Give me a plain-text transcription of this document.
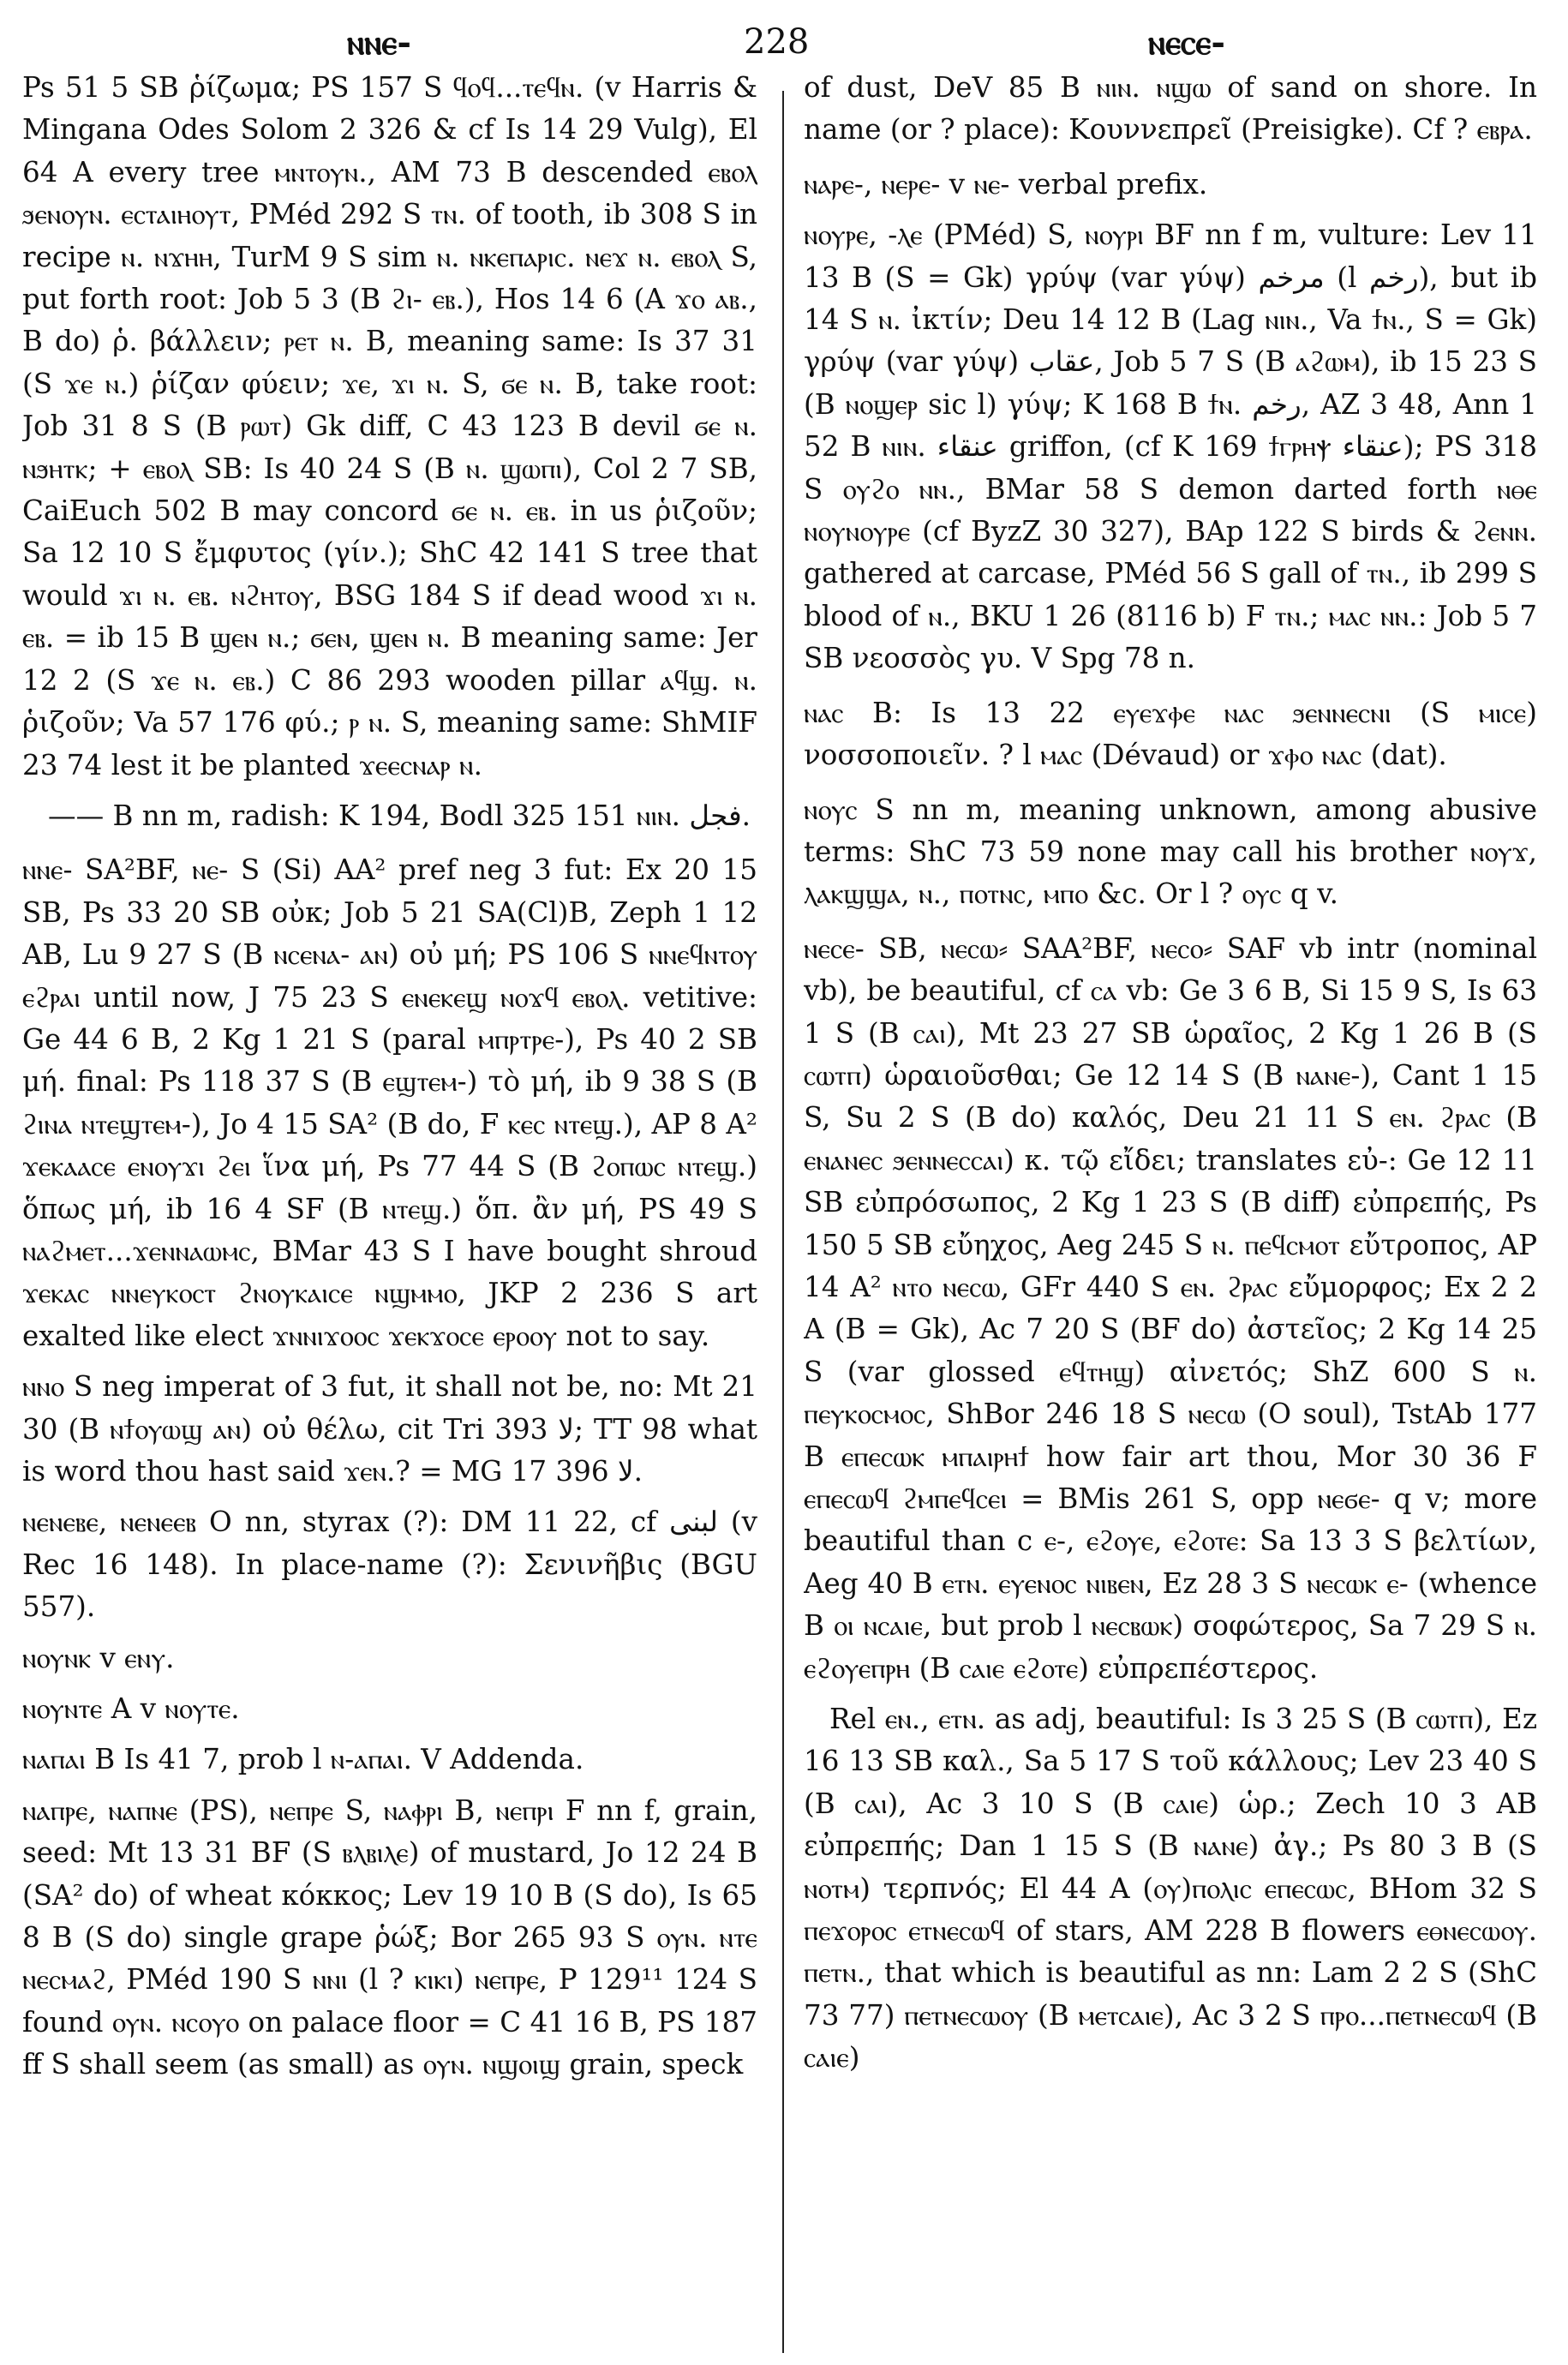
ⲛⲛⲉ-	228	ⲛⲉⲥⲉ-

Ps 51 5 SB ῥίζωμα; PS 157 S ϥⲟϥ...ⲧⲉϥⲛ. (v Harris & Mingana Odes Solom 2 326 & cf Is 14 29 Vulg), El 64 A every tree ⲙⲛⲧⲟⲩⲛ., AM 73 B descended ⲉⲃⲟⲗ ϧⲉⲛⲟⲩⲛ. ⲉⲥⲧⲁⲓⲏⲟⲩⲧ, PMéd 292 S ⲧⲛ. of tooth, ib 308 S in recipe ⲛ. ⲛϫⲏⲏ, TurM 9 S sim ⲛ. ⲛⲕⲉⲡⲁⲣⲓⲥ. ⲛⲉϫ ⲛ. ⲉⲃⲟⲗ S, put forth root: Job 5 3 (B ϩⲓ- ⲉⲃ.), Hos 14 6 (A ϫⲟ ⲁⲃ., B do) ῥ. βάλλειν; ⲣⲉⲧ ⲛ. B, meaning same: Is 37 31 (S ϫⲉ ⲛ.) ῥίζαν φύειν; ϫⲉ, ϫⲓ ⲛ. S, ϭⲉ ⲛ. B, take root: Job 31 8 S (B ⲣⲱⲧ) Gk diff, C 43 123 B devil ϭⲉ ⲛ. ⲛϧⲏⲧⲕ; + ⲉⲃⲟⲗ SB: Is 40 24 S (B ⲛ. ϣⲱⲡⲓ), Col 2 7 SB, CaiEuch 502 B may concord ϭⲉ ⲛ. ⲉⲃ. in us ῥιζοῦν; Sa 12 10 S ἔμφυτος (γίν.); ShC 42 141 S tree that would ϫⲓ ⲛ. ⲉⲃ. ⲛϩⲏⲧⲟⲩ, BSG 184 S if dead wood ϫⲓ ⲛ. ⲉⲃ. = ib 15 B ϣⲉⲛ ⲛ.; ϭⲉⲛ, ϣⲉⲛ ⲛ. B meaning same: Jer 12 2 (S ϫⲉ ⲛ. ⲉⲃ.) C 86 293 wooden pillar ⲁϥϣ. ⲛ. ῥιζοῦν; Va 57 176 φύ.; ⲣ ⲛ. S, meaning same: ShMIF 23 74 lest it be planted ϫⲉⲉⲥⲛⲁⲣ ⲛ.

—— B nn m, radish: K 194, Bodl 325 151 ⲛⲓⲛ. فجل.

ⲛⲛⲉ- SA²BF, ⲛⲉ- S (Si) AA² pref neg 3 fut: Ex 20 15 SB, Ps 33 20 SB οὐκ; Job 5 21 SA(Cl)B, Zeph 1 12 AB, Lu 9 27 S (B ⲛⲥⲉⲛⲁ- ⲁⲛ) οὐ μή; PS 106 S ⲛⲛⲉϥⲛⲧⲟⲩ ⲉϩⲣⲁⲓ until now, J 75 23 S ⲉⲛⲉⲕⲉϣ ⲛⲟϫϥ ⲉⲃⲟⲗ. vetitive: Ge 44 6 B, 2 Kg 1 21 S (paral ⲙⲡⲣⲧⲣⲉ-), Ps 40 2 SB μή. final: Ps 118 37 S (B ⲉϣⲧⲉⲙ-) τὸ μή, ib 9 38 S (B ϩⲓⲛⲁ ⲛⲧⲉϣⲧⲉⲙ-), Jo 4 15 SA² (B do, F ⲕⲉⲥ ⲛⲧⲉϣ.), AP 8 A² ϫⲉⲕⲁⲁⲥⲉ ⲉⲛⲟⲩϫⲓ ϩⲉⲓ ἵνα μή, Ps 77 44 S (B ϩⲟⲡⲱⲥ ⲛⲧⲉϣ.) ὅπως μή, ib 16 4 SF (B ⲛⲧⲉϣ.) ὅπ. ἂν μή, PS 49 S ⲛⲁϩⲙⲉⲧ...ϫⲉⲛⲛⲁⲱⲙⲥ, BMar 43 S I have bought shroud ϫⲉⲕⲁⲥ ⲛⲛⲉⲩⲕⲟⲥⲧ ϩⲛⲟⲩⲕⲁⲓⲥⲉ ⲛϣⲙⲙⲟ, JKP 2 236 S art exalted like elect ϫⲛⲛⲓϫⲟⲟⲥ ϫⲉⲕϫⲟⲥⲉ ⲉⲣⲟⲟⲩ not to say.

ⲛⲛⲟ S neg imperat of 3 fut, it shall not be, no: Mt 21 30 (B ⲛϯⲟⲩⲱϣ ⲁⲛ) οὐ θέλω, cit Tri 393 لا; TT 98 what is word thou hast said ϫⲉⲛ.? = MG 17 396 لا.

ⲛⲉⲛⲉⲃⲉ, ⲛⲉⲛⲉⲉⲃ O nn, styrax (?): DM 11 22, cf لبنى (v Rec 16 148). In place-name (?): Σενινῆβις (BGU 557).

ⲛⲟⲩⲛⲕ v ⲉⲛⲩ.

ⲛⲟⲩⲛⲧⲉ A v ⲛⲟⲩⲧⲉ.

ⲛⲁⲡⲁⲓ B Is 41 7, prob l ⲛ-ⲁⲡⲁⲓ. V Addenda.

ⲛⲁⲡⲣⲉ, ⲛⲁⲡⲛⲉ (PS), ⲛⲉⲡⲣⲉ S, ⲛⲁⲫⲣⲓ B, ⲛⲉⲡⲣⲓ F nn f, grain, seed: Mt 13 31 BF (S ⲃⲗⲃⲓⲗⲉ) of mustard, Jo 12 24 B (SA² do) of wheat κόκκος; Lev 19 10 B (S do), Is 65 8 B (S do) single grape ῥώξ; Bor 265 93 S ⲟⲩⲛ. ⲛⲧⲉ ⲛⲉⲥⲙⲁϩ, PMéd 190 S ⲛⲛⲓ (l ? ⲕⲓⲕⲓ) ⲛⲉⲡⲣⲉ, P 129¹¹ 124 S found ⲟⲩⲛ. ⲛⲥⲟⲩⲟ on palace floor = C 41 16 B, PS 187 ff S shall seem (as small) as ⲟⲩⲛ. ⲛϣⲟⲓϣ grain, speck

of dust, DeV 85 B ⲛⲓⲛ. ⲛϣⲱ of sand on shore. In name (or ? place): Κουννεπρεῖ (Preisigke). Cf ? ⲉⲃⲣⲁ.

ⲛⲁⲣⲉ-, ⲛⲉⲣⲉ- v ⲛⲉ- verbal prefix.

ⲛⲟⲩⲣⲉ, -ⲗⲉ (PMéd) S, ⲛⲟⲩⲣⲓ BF nn f m, vulture: Lev 11 13 B (S = Gk) γρύψ (var γύψ) مرخم (l رخم), but ib 14 S ⲛ. ἰκτίν; Deu 14 12 B (Lag ⲛⲓⲛ., Va ϯⲛ., S = Gk) γρύψ (var γύψ) عقاب, Job 5 7 S (B ⲁϩⲱⲙ), ib 15 23 S (B ⲛⲟϣⲉⲣ sic l) γύψ; K 168 B ϯⲛ. رخم, AZ 3 48, Ann 1 52 B ⲛⲓⲛ. عنقاء griffon, (cf K 169 ϯⲅⲣⲏⲯ عنقاء); PS 318 S ⲟⲩϩⲟ ⲛⲛ., BMar 58 S demon darted forth ⲛⲑⲉ ⲛⲟⲩⲛⲟⲩⲣⲉ (cf ByzZ 30 327), BAp 122 S birds & ϩⲉⲛⲛ. gathered at carcase, PMéd 56 S gall of ⲧⲛ., ib 299 S blood of ⲛ., BKU 1 26 (8116 b) F ⲧⲛ.; ⲙⲁⲥ ⲛⲛ.: Job 5 7 SB νεοσσὸς γυ. V Spg 78 n.

ⲛⲁⲥ B: Is 13 22 ⲉⲩⲉϫⲫⲉ ⲛⲁⲥ ϧⲉⲛⲛⲉⲥⲛⲓ (S ⲙⲓⲥⲉ) νοσσοποιεῖν. ? l ⲙⲁⲥ (Dévaud) or ϫⲫⲟ ⲛⲁⲥ (dat).

ⲛⲟⲩⲥ S nn m, meaning unknown, among abusive terms: ShC 73 59 none may call his brother ⲛⲟⲩϫ, ⲗⲁⲕϣϣⲁ, ⲛ., ⲡⲟⲧⲛⲥ, ⲙⲡⲟ &c. Or l ? ⲟⲩⲥ q v.

ⲛⲉⲥⲉ- SB, ⲛⲉⲥⲱ⸗ SAA²BF, ⲛⲉⲥⲟ⸗ SAF vb intr (nominal vb), be beautiful, cf ⲥⲁ vb: Ge 3 6 B, Si 15 9 S, Is 63 1 S (B ⲥⲁⲓ), Mt 23 27 SB ὡραῖος, 2 Kg 1 26 B (S ⲥⲱⲧⲡ) ὡραιοῦσθαι; Ge 12 14 S (B ⲛⲁⲛⲉ-), Cant 1 15 S, Su 2 S (B do) καλός, Deu 21 11 S ⲉⲛ. ϩⲣⲁⲥ (B ⲉⲛⲁⲛⲉⲥ ϧⲉⲛⲛⲉⲥⲥⲁⲓ) κ. τῷ εἴδει; translates εὐ-: Ge 12 11 SB εὐπρόσωπος, 2 Kg 1 23 S (B diff) εὐπρεπής, Ps 150 5 SB εὔηχος, Aeg 245 S ⲛ. ⲡⲉϥⲥⲙⲟⲧ εὔτροπος, AP 14 A² ⲛⲧⲟ ⲛⲉⲥⲱ, GFr 440 S ⲉⲛ. ϩⲣⲁⲥ εὔμορφος; Ex 2 2 A (B = Gk), Ac 7 20 S (BF do) ἀστεῖος; 2 Kg 14 25 S (var glossed ⲉϥⲧⲏϣ) αἰνετός; ShZ 600 S ⲛ. ⲡⲉⲩⲕⲟⲥⲙⲟⲥ, ShBor 246 18 S ⲛⲉⲥⲱ (O soul), TstAb 177 B ⲉⲡⲉⲥⲱⲕ ⲙⲡⲁⲓⲣⲏϯ how fair art thou, Mor 30 36 F ⲉⲡⲉⲥⲱϥ ϩⲙⲡⲉϥⲥⲉⲓ = BMis 261 S, opp ⲛⲉϭⲉ- q v; more beautiful than c ⲉ-, ⲉϩⲟⲩⲉ, ⲉϩⲟⲧⲉ: Sa 13 3 S βελτίων, Aeg 40 B ⲉⲧⲛ. ⲉⲩⲉⲛⲟⲥ ⲛⲓⲃⲉⲛ, Ez 28 3 S ⲛⲉⲥⲱⲕ ⲉ- (whence B ⲟⲓ ⲛⲥⲁⲓⲉ, but prob l ⲛⲉⲥⲃⲱⲕ) σοφώτερος, Sa 7 29 S ⲛ. ⲉϩⲟⲩⲉⲡⲣⲏ (B ⲥⲁⲓⲉ ⲉϩⲟⲧⲉ) εὐπρεπέστερος.

Rel ⲉⲛ., ⲉⲧⲛ. as adj, beautiful: Is 3 25 S (B ⲥⲱⲧⲡ), Ez 16 13 SB καλ., Sa 5 17 S τοῦ κάλλους; Lev 23 40 S (B ⲥⲁⲓ), Ac 3 10 S (B ⲥⲁⲓⲉ) ὡρ.; Zech 10 3 AB εὐπρεπής; Dan 1 15 S (B ⲛⲁⲛⲉ) ἀγ.; Ps 80 3 B (S ⲛⲟⲧⲙ) τερπνός; El 44 A (ⲟⲩ)ⲡⲟⲗⲓⲥ ⲉⲡⲉⲥⲱⲥ, BHom 32 S ⲡⲉϫⲟⲣⲟⲥ ⲉⲧⲛⲉⲥⲱϥ of stars, AM 228 B flowers ⲉⲑⲛⲉⲥⲱⲟⲩ. ⲡⲉⲧⲛ., that which is beautiful as nn: Lam 2 2 S (ShC 73 77) ⲡⲉⲧⲛⲉⲥⲱⲟⲩ (B ⲙⲉⲧⲥⲁⲓⲉ), Ac 3 2 S ⲡⲣⲟ...ⲡⲉⲧⲛⲉⲥⲱϥ (B ⲥⲁⲓⲉ)
